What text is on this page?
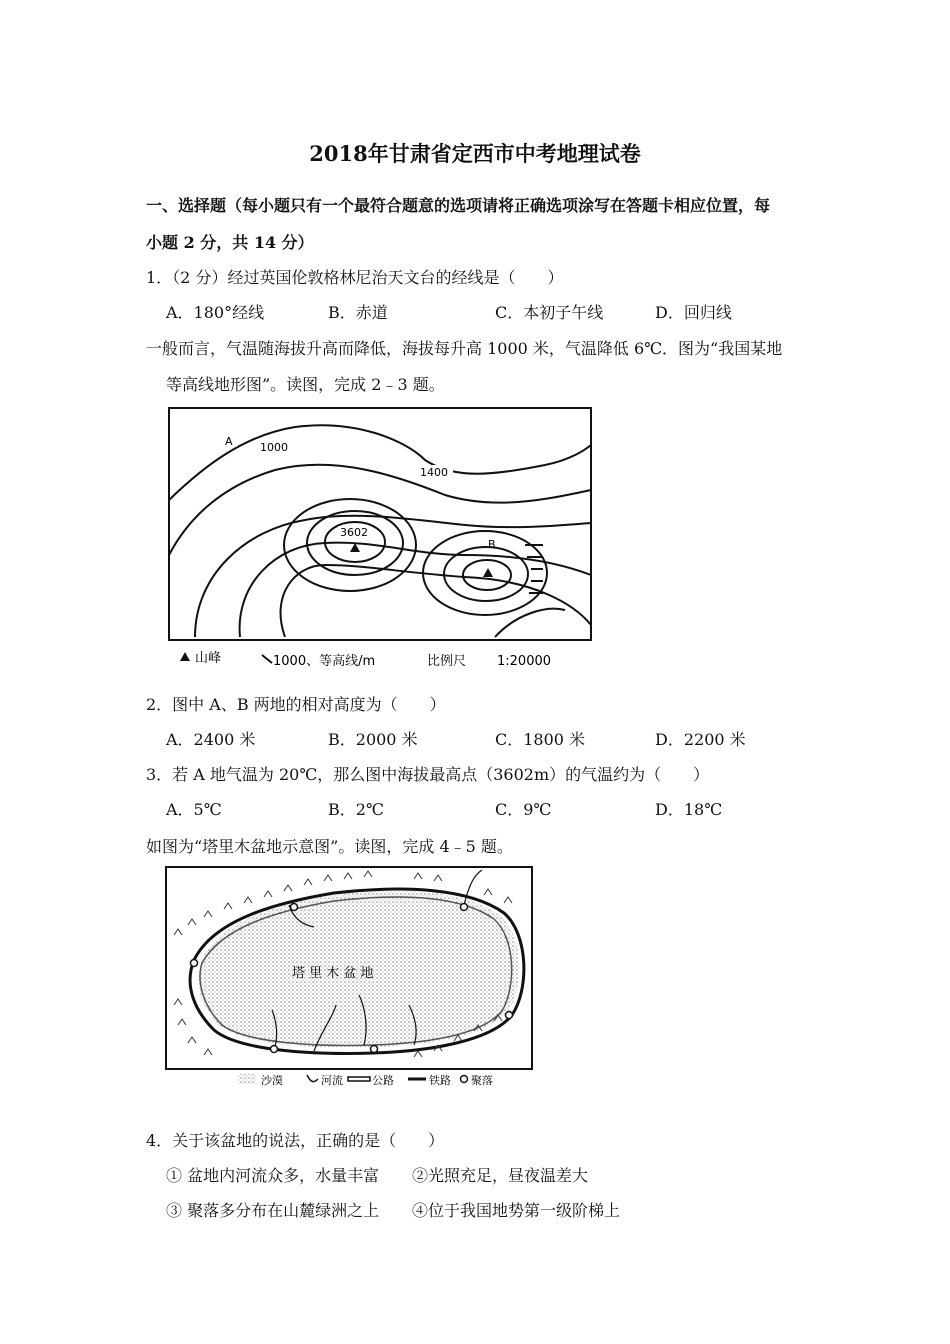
2018年甘肃省定西市中考地理试卷
一、选择题（每小题只有一个最符合题意的选项请将正确选项涂写在答题卡相应位置，每
小题 2 分，共 14 分）
1．（2 分）经过英国伦敦格林尼治天文台的经线是（　　）
A．180°经线	B．赤道	C．本初子午线	D．回归线
一般而言，气温随海拔升高而降低，海拔每升高 1000 米，气温降低 6℃．图为“我国某地
等高线地形图”。读图，完成 2﹣3 题。
A 1000
1400
3602
B
山峰	1000、等高线/m	比例尺 1:20000
2．图中 A、B 两地的相对高度为（　　）
A．2400 米	B．2000 米	C．1800 米	D．2200 米
3．若 A 地气温为 20℃，那么图中海拔最高点（3602m）的气温约为（　　）
A．5℃	B．2℃	C．9℃	D．18℃
如图为“塔里木盆地示意图”。读图，完成 4﹣5 题。
塔 里 木 盆 地
沙漠	河流	公路	铁路 聚落
4．关于该盆地的说法，正确的是（　　）
① 盆地内河流众多，水量丰富 ②光照充足，昼夜温差大
③ 聚落多分布在山麓绿洲之上 ④位于我国地势第一级阶梯上
